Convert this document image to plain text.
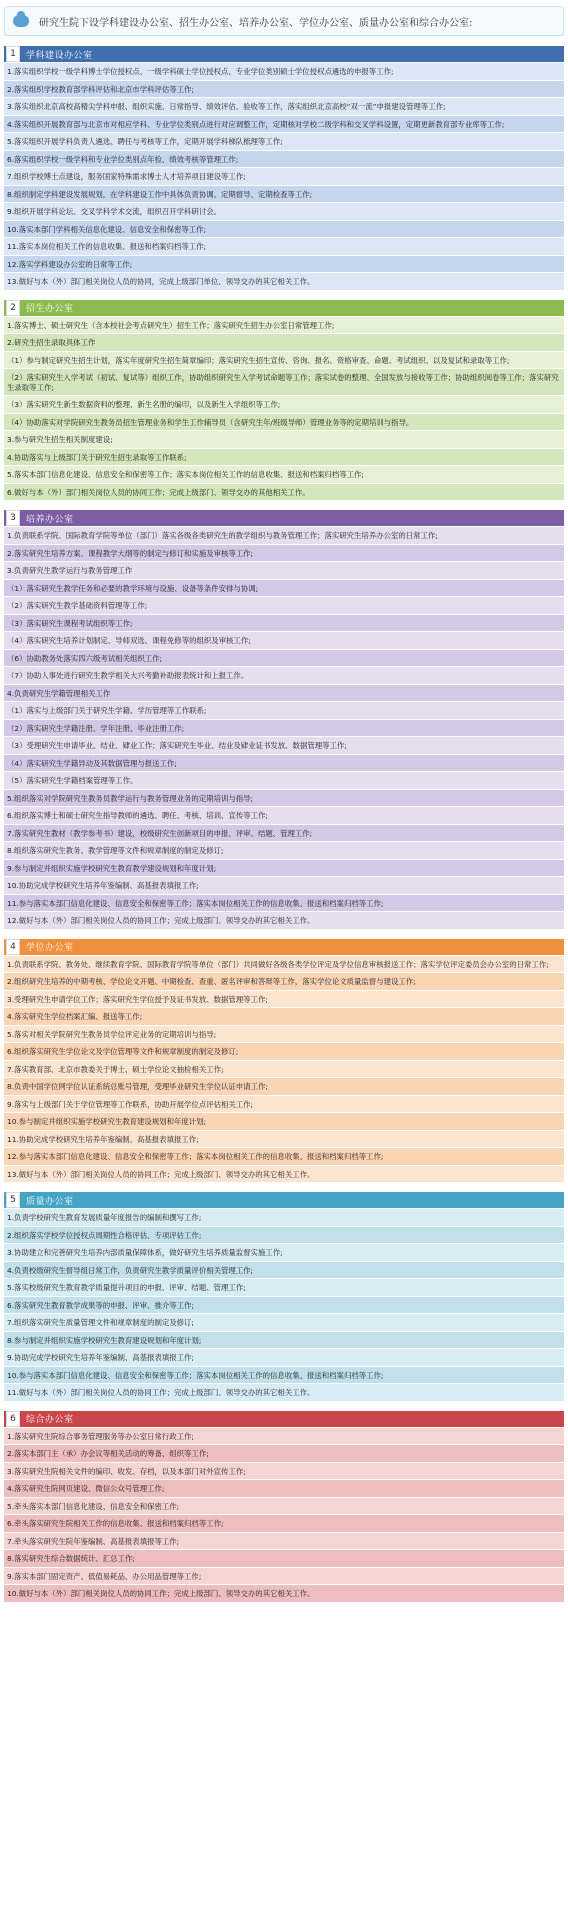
研究生院下设学科建设办公室、招生办公室、培养办公室、学位办公室、质量办公室和综合办公室:
1	学科建设办公室
1.落实组织学校一级学科博士学位授权点、一级学科硕士学位授权点、专业学位类别硕士学位授权点遴选的申报等工作;
2.落实组织学校教育部学科评估和北京市学科评估等工作;
3.落实组织北京高校高精尖学科申报、组织实施、日常指导、绩效评估、验收等工作，落实组织北京高校“双一流”申报建设管理等工作;
4.落实组织开展教育部与北京市对相应学科、专业学位类别点进行对应调整工作，定期核对学校二级学科和交叉学科设置，定期更新教育部专业库等工作;
5.落实组织开展学科负责人遴选、聘任与考核等工作，定期开展学科梯队梳理等工作;
6.落实组织学校一级学科和专业学位类别点年检、绩效考核等管理工作;
7.组织学校博士点建设，服务国家特殊需求博士人才培养项目建设等工作;
8.组织制定学科建设发展规划，在学科建设工作中具体负责协调、定期督导、定期检查等工作;
9.组织开展学科论坛、交叉学科学术交流，组织召开学科研讨会。
10.落实本部门学科相关信息化建设、信息安全和保密等工作;
11.落实本岗位相关工作的信息收集、报送和档案归档等工作;
12.落实学科建设办公室的日常等工作;
13.做好与本（外）部门相关岗位人员的协同，完成上级部门单位、领导交办的其它相关工作。
2	招生办公室
1.落实博士、硕士研究生（含本校社会考点研究生）招生工作；落实研究生招生办公室日常管理工作;
2.研究生招生录取具体工作
（1）参与制定研究生招生计划，落实年度研究生招生简章编印；落实研究生招生宣传、咨询、报名、资格审查、命题、考试组织、以及复试和录取等工作;
（2）落实研究生入学考试（初试、复试等）组织工作，协助组织研究生入学考试命题等工作；落实试卷的整理、全国发放与接收等工作；协助组织阅卷等工作；落实研究生录取等工作;
（3）落实研究生新生数据资料的整理、新生名册的编印，以及新生入学组织等工作;
（4）协助落实对学院研究生教务员招生管理业务和学生工作辅导员（含研究生年/班级导师）管理业务等的定期培训与指导。
3.参与研究生招生相关制度建设;
4.协助落实与上级部门关于研究生招生录取等工作联系;
5.落实本部门信息化建设、信息安全和保密等工作；落实本岗位相关工作的信息收集、报送和档案归档等工作;
6.做好与本（外）部门相关岗位人员的协同工作；完成上级部门、领导交办的其他相关工作。
3	培养办公室
1.负责联系学院、国际教育学院等单位（部门）落实各级各类研究生的教学组织与教务管理工作；落实研究生培养办公室的日常工作;
2.落实研究生培养方案、课程教学大纲等的制定与修订和实施及审核等工作;
3.负责研究生教学运行与教务管理工作
（1）落实研究生教学任务和必要的教学环境与设施、设备等条件安排与协调;
（2）落实研究生教学基础资料管理等工作;
（3）落实研究生课程考试组织等工作;
（4）落实研究生培养计划制定、导师双选、课程免修等的组织及审核工作;
（6）协助教务处落实四六级考试相关组织工作;
（7）协助人事处进行研究生教学相关大兴考勤补助报表统计和上报工作。
4.负责研究生学籍管理相关工作
（1）落实与上级部门关于研究生学籍、学历管理等工作联系;
（2）落实研究生学籍注册、学年注册、毕业注册工作;
（3）受理研究生申请毕业、结业、肄业工作；落实研究生毕业、结业及肄业证书发放、数据管理等工作;
（4）落实研究生学籍异动及其数据管理与报送工作;
（5）落实研究生学籍档案管理等工作。
5.组织落实对学院研究生教务员教学运行与教务管理业务的定期培训与指导;
6.组织落实博士和硕士研究生指导教师的遴选、聘任、考核、培训、宣传等工作;
7.落实研究生教材（教学参考书）建设，校级研究生创新项目的申报、评审、结题、管理工作;
8.组织落实研究生教务、教学管理等文件和规章制度的制定及修订;
9.参与制定并组织实施学校研究生教育教学建设规划和年度计划;
10.协助完成学校研究生培养年鉴编制、高基报表填报工作;
11.参与落实本部门信息化建设、信息安全和保密等工作；落实本岗位相关工作的信息收集、报送和档案归档等工作;
12.做好与本（外）部门相关岗位人员的协同工作；完成上级部门、领导交办的其它相关工作。
4	学位办公室
1.负责联系学院、教务处、继续教育学院、国际教育学院等单位（部门）共同做好各级各类学位评定及学位信息审核报送工作；落实学位评定委员会办公室的日常工作;
2.组织研究生培养的中期考核、学位论文开题、中期检查、查重、匿名评审和答辩等工作，落实学位论文质量监督与建设工作;
3.受理研究生申请学位工作；落实研究生学位授予及证书发放、数据管理等工作;
4.落实研究生学位档案汇编、报送等工作;
5.落实对相关学院研究生教务员学位评定业务的定期培训与指导;
6.组织落实研究生学位论文及学位管理等文件和规章制度的制定及修订;
7.落实教育部、北京市教委关于博士、硕士学位论文抽检相关工作;
8.负责中国学位网学位认证系统总账号管理，受理毕业研究生学位认证申请工作;
9.落实与上级部门关于学位管理等工作联系，协助开展学位点评估相关工作;
10.参与制定并组织实施学校研究生教育建设规划和年度计划;
11.协助完成学校研究生培养年鉴编制、高基报表填报工作;
12.参与落实本部门信息化建设、信息安全和保密等工作；落实本岗位相关工作的信息收集、报送和档案归档等工作;
13.做好与本（外）部门相关岗位人员的协同工作；完成上级部门、领导交办的其它相关工作。
5	质量办公室
1.负责学校研究生教育发展质量年度报告的编制和撰写工作;
2.组织落实学校学位授权点周期性合格评估、专项评估工作;
3.协助建立和完善研究生培养内部质量保障体系，做好研究生培养质量监督实施工作;
4.负责校级研究生督导组日常工作，负责研究生教学质量评价相关管理工作;
5.落实校级研究生教育教学质量提升项目的申报、评审、结题、管理工作;
6.落实研究生教育教学成果等的申报、评审、推介等工作;
7.组织落实研究生质量管理文件和规章制度的制定及修订;
8.参与制定并组织实施学校研究生教育建设规划和年度计划;
9.协助完成学校研究生培养年鉴编制、高基报表填报工作;
10.参与落实本部门信息化建设、信息安全和保密等工作；落实本岗位相关工作的信息收集、报送和档案归档等工作;
11.做好与本（外）部门相关岗位人员的协同工作；完成上级部门、领导交办的其它相关工作。
6	综合办公室
1.落实研究生院综合事务管理服务等办公室日常行政工作;
2.落实本部门主（承）办会议等相关活动的筹备、组织等工作;
3.落实研究生院相关文件的编印、收发、存档，以及本部门对外宣传工作;
4.落实研究生院网页建设、微信公众号管理工作;
5.牵头落实本部门信息化建设、信息安全和保密工作;
6.牵头落实研究生院相关工作的信息收集、报送和档案归档等工作;
7.牵头落实研究生院年鉴编制、高基报表填报等工作;
8.落实研究生综合数据统计、汇总工作;
9.落实本部门固定资产、低值易耗品、办公用品管理等工作;
10.做好与本（外）部门相关岗位人员的协同工作；完成上级部门、领导交办的其它相关工作。
